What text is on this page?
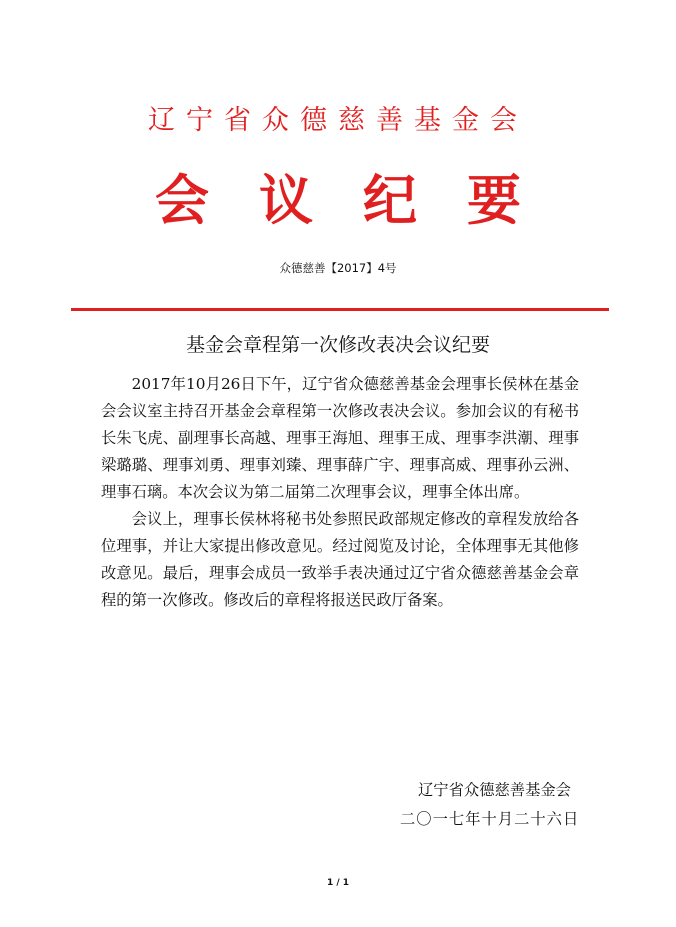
辽宁省众德慈善基金会
会议纪要
众德慈善【2017】4号
基金会章程第一次修改表决会议纪要

2017年10月26日下午，辽宁省众德慈善基金会理事长侯林在基金会会议室主持召开基金会章程第一次修改表决会议。参加会议的有秘书长朱飞虎、副理事长高越、理事王海旭、理事王成、理事李洪潮、理事梁璐璐、理事刘勇、理事刘臻、理事薛广宇、理事高威、理事孙云洲、理事石璃。本次会议为第二届第二次理事会议，理事全体出席。

会议上，理事长侯林将秘书处参照民政部规定修改的章程发放给各位理事，并让大家提出修改意见。经过阅览及讨论，全体理事无其他修改意见。最后，理事会成员一致举手表决通过辽宁省众德慈善基金会章程的第一次修改。修改后的章程将报送民政厅备案。

辽宁省众德慈善基金会
二〇一七年十月二十六日
1 / 1
